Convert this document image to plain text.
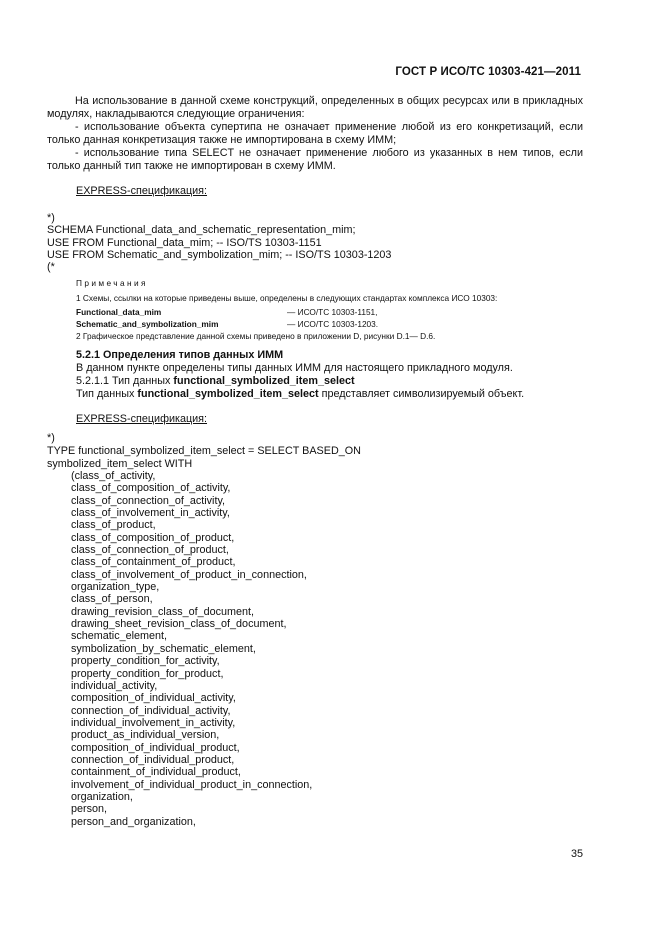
ГОСТ Р ИСО/ТС 10303-421—2011

На использование в данной схеме конструкций, определенных в общих ресурсах или в прикладных модулях, накладываются следующие ограничения:

- использование объекта супертипа не означает применение любой из его конкретизаций, если только данная конкретизация также не импортирована в схему ИММ;

- использование типа SELECT не означает применение любого из указанных в нем типов, если только данный тип также не импортирован в схему ИММ.

EXPRESS-спецификация:
*)
SCHEMA Functional_data_and_schematic_representation_mim;
USE FROM Functional_data_mim; -- ISO/TS 10303-1151
USE FROM Schematic_and_symbolization_mim; -- ISO/TS 10303-1203
(*
Примечания
1 Схемы, ссылки на которые приведены выше, определены в следующих стандартах комплекса ИСО 10303:
Functional_data_mim	— ИСО/ТС 10303-1151,
Schematic_and_symbolization_mim	— ИСО/ТС 10303-1203.
2 Графическое представление данной схемы приведено в приложении D, рисунки D.1— D.6.
5.2.1 Определения типов данных ИММ
В данном пункте определены типы данных ИММ для настоящего прикладного модуля.
5.2.1.1 Тип данных functional_symbolized_item_select
Тип данных functional_symbolized_item_select представляет символизируемый объект.
EXPRESS-спецификация:
*)
TYPE functional_symbolized_item_select = SELECT BASED_ON
symbolized_item_select WITH
(class_of_activity,
class_of_composition_of_activity,
class_of_connection_of_activity,
class_of_involvement_in_activity,
class_of_product,
class_of_composition_of_product,
class_of_connection_of_product,
class_of_containment_of_product,
class_of_involvement_of_product_in_connection,
organization_type,
class_of_person,
drawing_revision_class_of_document,
drawing_sheet_revision_class_of_document,
schematic_element,
symbolization_by_schematic_element,
property_condition_for_activity,
property_condition_for_product,
individual_activity,
composition_of_individual_activity,
connection_of_individual_activity,
individual_involvement_in_activity,
product_as_individual_version,
composition_of_individual_product,
connection_of_individual_product,
containment_of_individual_product,
involvement_of_individual_product_in_connection,
organization,
person,
person_and_organization,
35
